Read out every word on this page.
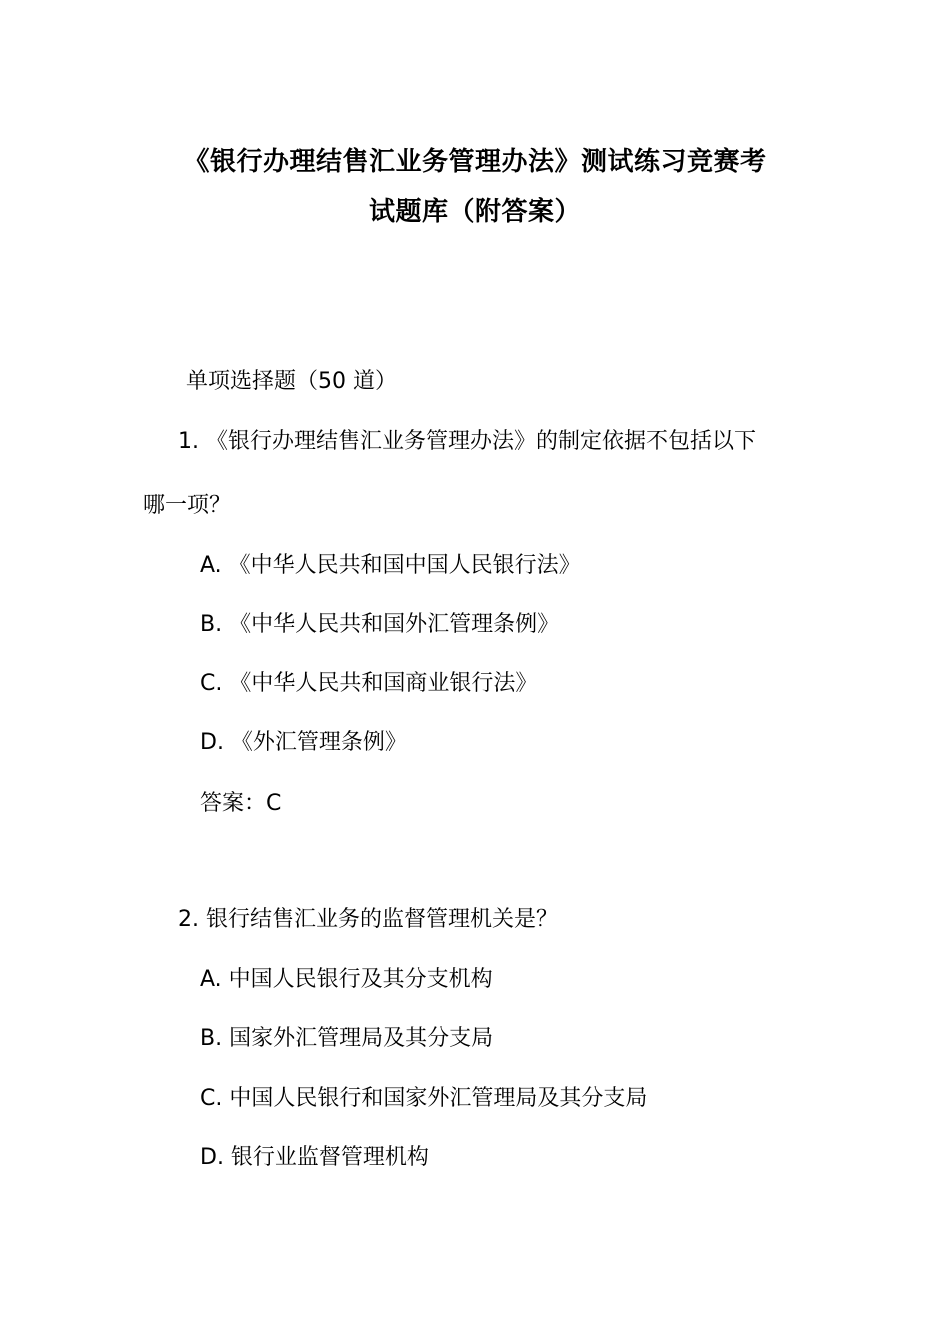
《银行办理结售汇业务管理办法》测试练习竞赛考
试题库（附答案）
单项选择题（50 道）
1. 《银行办理结售汇业务管理办法》的制定依据不包括以下
哪一项？
A. 《中华人民共和国中国人民银行法》
B. 《中华人民共和国外汇管理条例》
C. 《中华人民共和国商业银行法》
D. 《外汇管理条例》
答案：C
2. 银行结售汇业务的监督管理机关是？
A. 中国人民银行及其分支机构
B. 国家外汇管理局及其分支局
C. 中国人民银行和国家外汇管理局及其分支局
D. 银行业监督管理机构
